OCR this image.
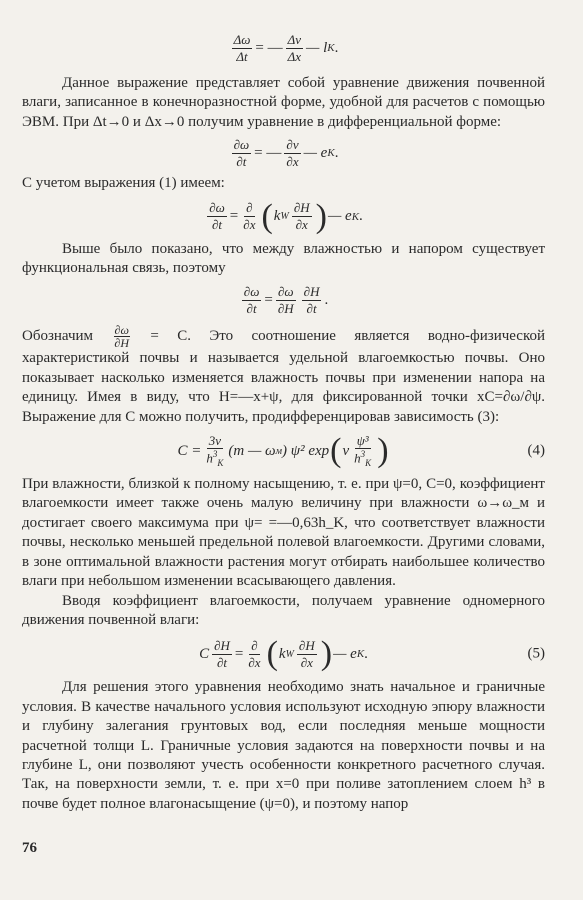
$\frac{\Delta\omega}{\Delta t}$ = — $\frac{\Delta v}{\Delta x}$ — l K .

Данное выражение представляет собой уравнение движения почвенной влаги, записанное в конечноразностной форме, удобной для расчетов с помощью ЭВМ. При Δt→0 и Δx→0 получим уравнение в дифференциальной форме:

$\frac{\partial\omega}{\partial t}$ = — $\frac{\partial v}{\partial x}$ — e K .

С учетом выражения (1) имеем:

$\frac{\partial\omega}{\partial t} = \frac{\partial}{\partial x}$ ( k W $\frac{\partial H}{\partial x}$ ) — e K .

Выше было показано, что между влажностью и напором существует функциональная связь, поэтому

$\frac{\partial\omega}{\partial t} = \frac{\partial\omega}{\partial H} \frac{\partial H}{\partial t}$ .

Обозначим $\frac{\partial\omega}{\partial H} = C$. Это соотношение является водно-физической характеристикой почвы и называется удельной влагоемкостью почвы. Оно показывает насколько изменяется влажность почвы при изменении напора на единицу. Имея в виду, что H=—x+ψ, для фиксированной точки xC=∂ω/∂ψ. Выражение для C можно получить, продифференцировав зависимость (3):

$C = \frac{3v}{h^3_K} (m$ — ω м ) ψ² exp ( v $\frac{\text{ψ³}}{h^3_K}$ )	(4)

При влажности, близкой к полному насыщению, т. е. при ψ=0, C=0, коэффициент влагоемкости имеет также очень малую величину при влажности ω→ω_м и достигает своего максимума при ψ= =—0,63h_K, что соответствует влажности почвы, несколько меньшей предельной полевой влагоемкости. Другими словами, в зоне оптимальной влажности растения могут отбирать наибольшее количество влаги при небольшом изменении всасывающего давления.

Вводя коэффициент влагоемкости, получаем уравнение одномерного движения почвенной влаги:

C $\frac{\partial H}{\partial t} = \frac{\partial}{\partial x}$ ( k W $\frac{\partial H}{\partial x}$ ) — e K .	(5)

Для решения этого уравнения необходимо знать начальное и граничные условия. В качестве начального условия используют исходную эпюру влажности и глубину залегания грунтовых вод, если последняя меньше мощности расчетной толщи L. Граничные условия задаются на поверхности почвы и на глубине L, они позволяют учесть особенности конкретного расчетного случая. Так, на поверхности земли, т. е. при x=0 при поливе затоплением слоем h³ в почве будет полное влагонасыщение (ψ=0), и поэтому напор

76
